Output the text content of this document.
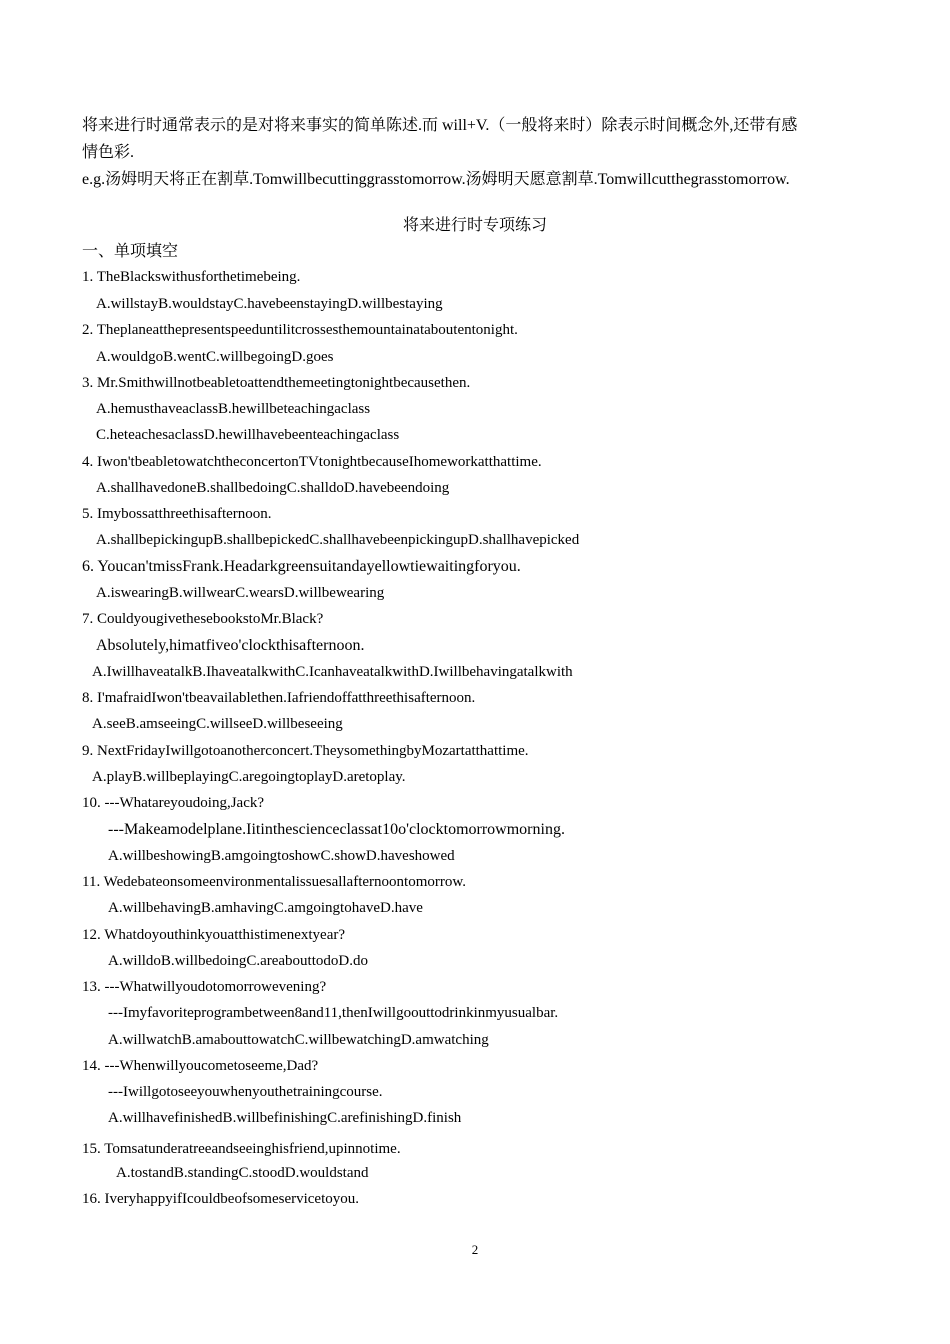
将来进行时通常表示的是对将来事实的简单陈述.而 will+V.（一般将来时）除表示时间概念外,还带有感

情色彩.

e.g.汤姆明天将正在割草.Tomwillbecuttinggrasstomorrow.汤姆明天愿意割草.Tomwillcutthegrasstomorrow.

将来进行时专项练习
一、单项填空
1. TheBlackswithusforthetimebeing.
A.willstayB.wouldstayC.havebeenstayingD.willbestaying
2. Theplaneatthepresentspeeduntilitcrossesthemountainataboutentonight.
A.wouldgoB.wentC.willbegoingD.goes
3. Mr.Smithwillnotbeabletoattendthemeetingtonightbecausethen.
A.hemusthaveaclassB.hewillbeteachingaclass
C.heteachesaclassD.hewillhavebeenteachingaclass
4. Iwon'tbeabletowatchtheconcertonTVtonightbecauseIhomeworkatthattime.
A.shallhavedoneB.shallbedoingC.shalldoD.havebeendoing
5. Imybossatthreethisafternoon.
A.shallbepickingupB.shallbepickedC.shallhavebeenpickingupD.shallhavepicked
6. Youcan'tmissFrank.Headarkgreensuitandayellowtiewaitingforyou.
A.iswearingB.willwearC.wearsD.willbewearing
7. CouldyougivethesebookstoMr.Black?
Absolutely,himatfiveo'clockthisafternoon.
A.IwillhaveatalkB.IhaveatalkwithC.IcanhaveatalkwithD.Iwillbehavingatalkwith
8. I'mafraidIwon'tbeavailablethen.Iafriendoffatthreethisafternoon.
A.seeB.amseeingC.willseeD.willbeseeing
9. NextFridayIwillgotoanotherconcert.TheysomethingbyMozartatthattime.
A.playB.willbeplayingC.aregoingtoplayD.aretoplay.
10. ---Whatareyoudoing,Jack?
---Makeamodelplane.Iitinthescienceclassat10o'clocktomorrowmorning.
A.willbeshowingB.amgoingtoshowC.showD.haveshowed
11. Wedebateonsomeenvironmentalissuesallafternoontomorrow.
A.willbehavingB.amhavingC.amgoingtohaveD.have
12. Whatdoyouthinkyouatthistimenextyear?
A.willdoB.willbedoingC.areabouttodoD.do
13. ---Whatwillyoudotomorrowevening?
---Imyfavoriteprogrambetween8and11,thenIwillgoouttodrinkinmyusualbar.
A.willwatchB.amabouttowatchC.willbewatchingD.amwatching
14. ---Whenwillyoucometoseeme,Dad?
---Iwillgotoseeyouwhenyouthetrainingcourse.
A.willhavefinishedB.willbefinishingC.arefinishingD.finish
15. Tomsatunderatreeandseeinghisfriend,upinnotime.
A.tostandB.standingC.stoodD.wouldstand
16. IveryhappyifIcouldbeofsomeservicetoyou.
2
